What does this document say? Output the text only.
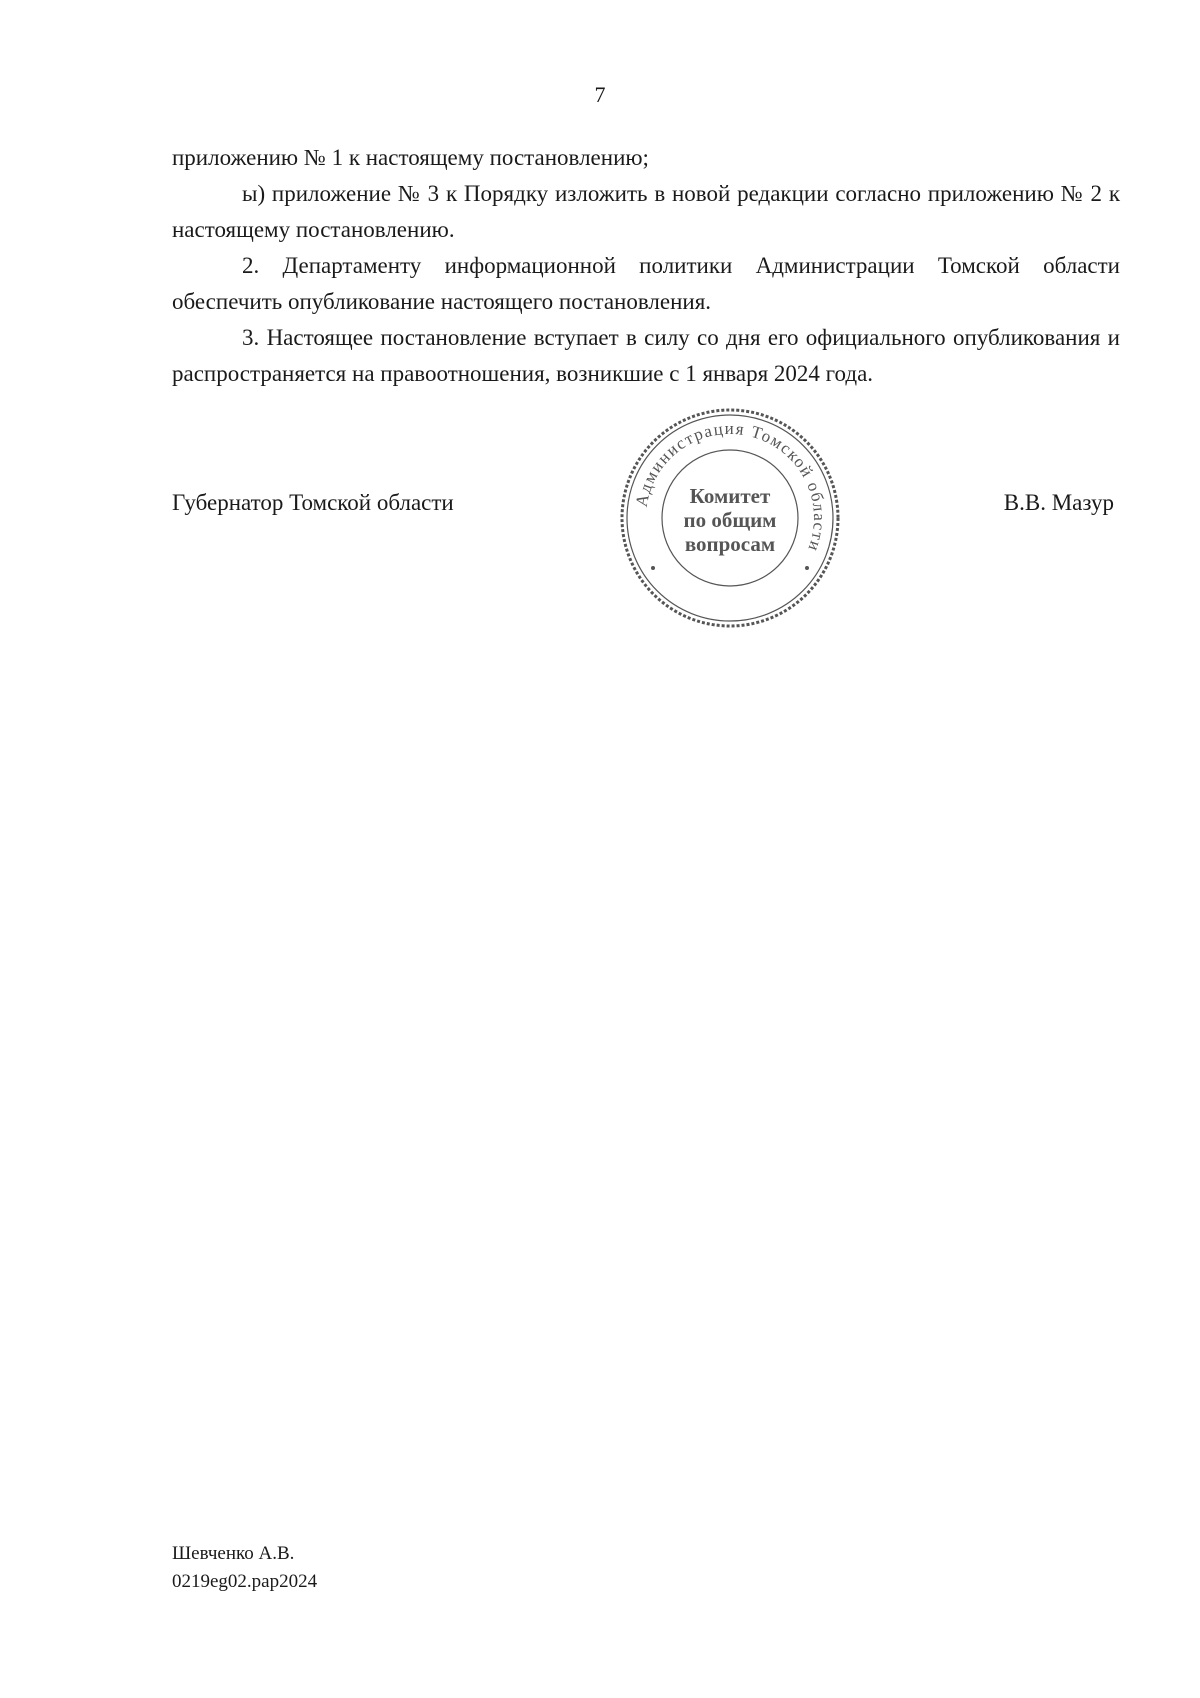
7

приложению № 1 к настоящему постановлению;

ы) приложение № 3 к Порядку изложить в новой редакции согласно приложению № 2 к настоящему постановлению.

2. Департаменту информационной политики Администрации Томской области обеспечить опубликование настоящего постановления.

3. Настоящее постановление вступает в силу со дня его официального опубликования и распространяется на правоотношения, возникшие с 1 января 2024 года.

Губернатор Томской области	В.В. Мазур
Администрация Томской области
Комитет
по общим
вопросам
Шевченко А.В.
0219eg02.pap2024
